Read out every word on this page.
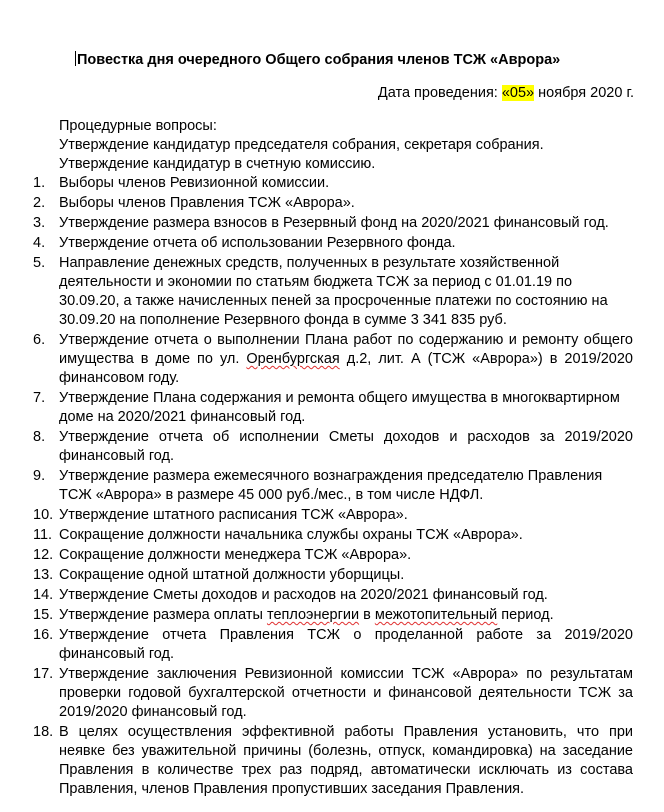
Повестка дня очередного Общего собрания членов ТСЖ «Аврора»
Дата проведения: «05» ноября 2020 г.
Процедурные вопросы:
Утверждение кандидатур председателя собрания, секретаря собрания.
Утверждение кандидатур в счетную комиссию.
1. Выборы членов Ревизионной комиссии.
2. Выборы членов Правления ТСЖ «Аврора».
3. Утверждение размера взносов в Резервный фонд на 2020/2021 финансовый год.
4. Утверждение отчета об использовании Резервного фонда.
5. Направление денежных средств, полученных в результате хозяйственной деятельности и экономии по статьям бюджета ТСЖ за период с 01.01.19 по 30.09.20, а также начисленных пеней за просроченные платежи по состоянию на 30.09.20 на пополнение Резервного фонда в сумме 3 341 835 руб.
6. Утверждение отчета о выполнении Плана работ по содержанию и ремонту общего имущества в доме по ул. Оренбургская д.2, лит. А (ТСЖ «Аврора») в 2019/2020 финансовом году.
7. Утверждение Плана содержания и ремонта общего имущества в многоквартирном доме на 2020/2021 финансовый год.
8. Утверждение отчета об исполнении Сметы доходов и расходов за 2019/2020 финансовый год.
9. Утверждение размера ежемесячного вознаграждения председателю Правления ТСЖ «Аврора» в размере 45 000 руб./мес., в том числе НДФЛ.
10. Утверждение штатного расписания ТСЖ «Аврора».
11. Сокращение должности начальника службы охраны ТСЖ «Аврора».
12. Сокращение должности менеджера ТСЖ «Аврора».
13. Сокращение одной штатной должности уборщицы.
14. Утверждение Сметы доходов и расходов на 2020/2021 финансовый год.
15. Утверждение размера оплаты теплоэнергии в межотопительный период.
16. Утверждение отчета Правления ТСЖ о проделанной работе за 2019/2020 финансовый год.
17. Утверждение заключения Ревизионной комиссии ТСЖ «Аврора» по результатам проверки годовой бухгалтерской отчетности и финансовой деятельности ТСЖ за 2019/2020 финансовый год.
18. В целях осуществления эффективной работы Правления установить, что при неявке без уважительной причины (болезнь, отпуск, командировка) на заседание Правления в количестве трех раз подряд, автоматически исключать из состава Правления, членов Правления пропустивших заседания Правления.
